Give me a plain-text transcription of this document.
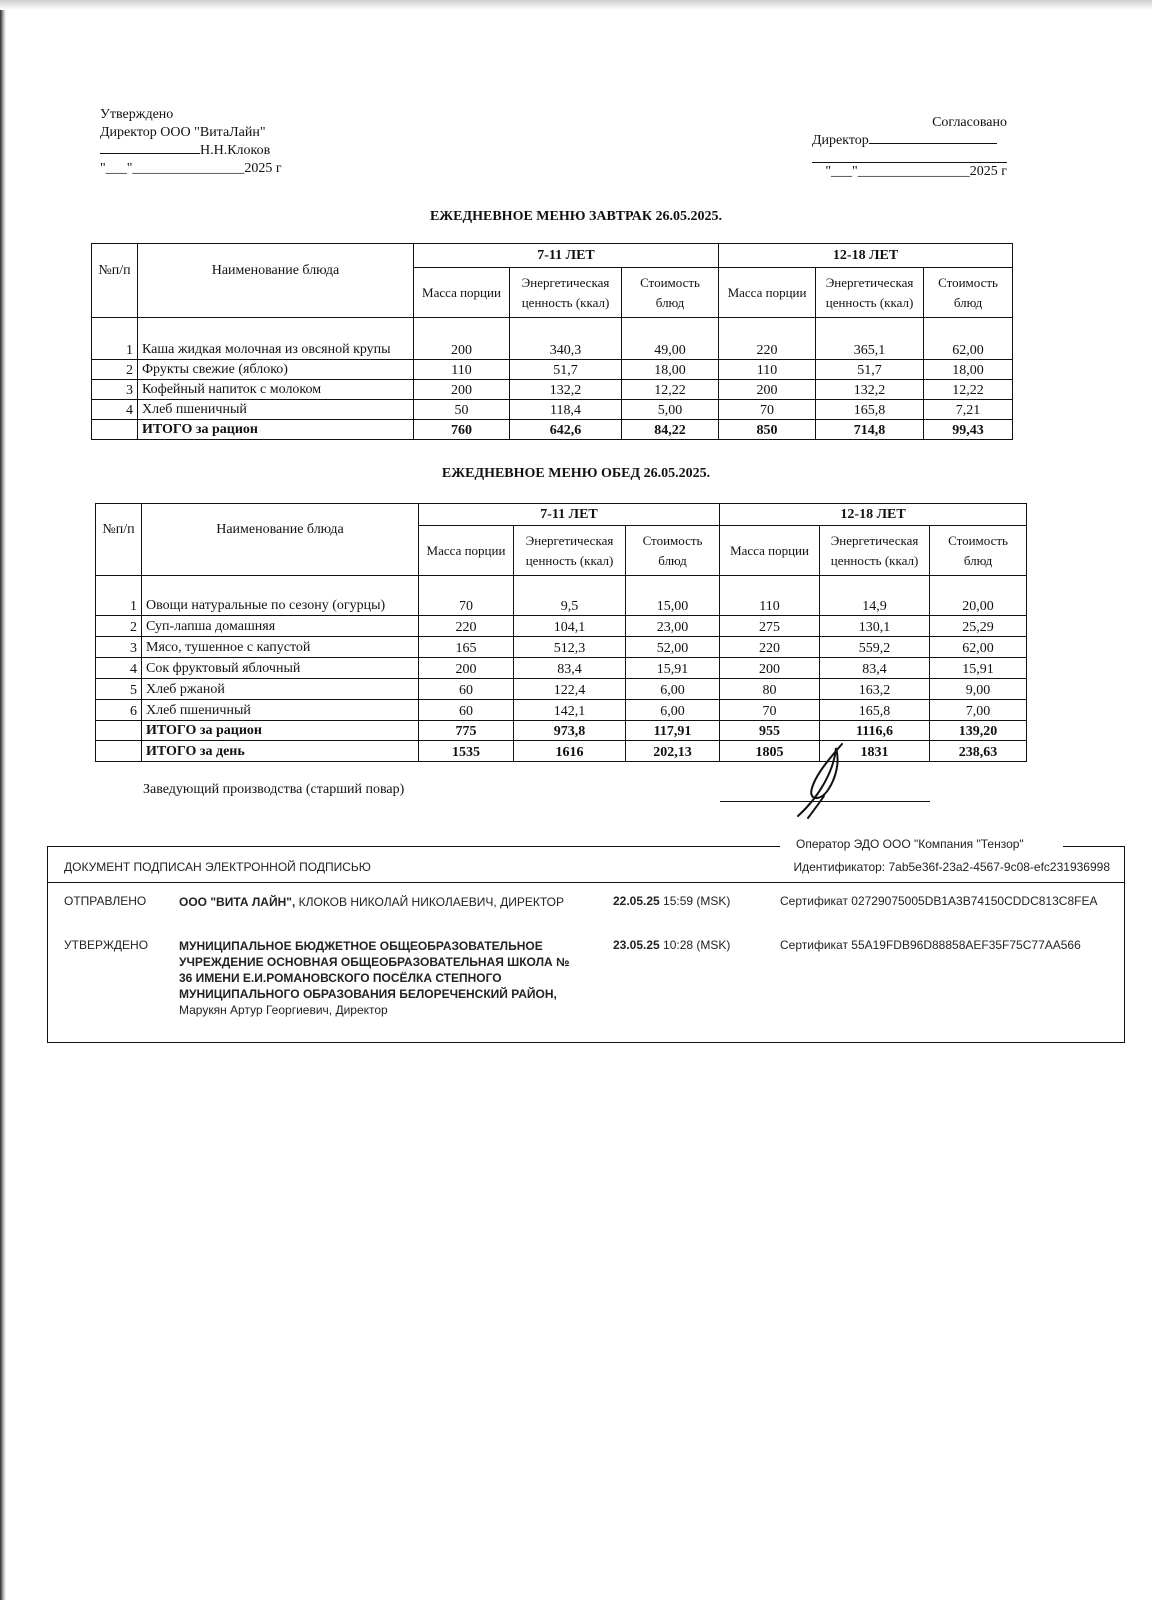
Утверждено
Директор ООО "ВитаЛайн"
Н.Н.Клоков
"___"________________2025 г
Согласовано
Директор
"___"________________2025 г
ЕЖЕДНЕВНОЕ МЕНЮ ЗАВТРАК 26.05.2025.
№п/п	Наименование блюда	7-11 ЛЕТ			12-18 ЛЕТ		
		Масса порции	Энергетическая ценность (ккал)	Стоимость блюд	Масса порции	Энергетическая ценность (ккал)	Стоимость блюд
1	Каша жидкая молочная из овсяной крупы	200	340,3	49,00	220	365,1	62,00
2	Фрукты свежие (яблоко)	110	51,7	18,00	110	51,7	18,00
3	Кофейный напиток с молоком	200	132,2	12,22	200	132,2	12,22
4	Хлеб пшеничный	50	118,4	5,00	70	165,8	7,21
	ИТОГО за рацион	760	642,6	84,22	850	714,8	99,43
ЕЖЕДНЕВНОЕ МЕНЮ ОБЕД 26.05.2025.
№п/п	Наименование блюда	7-11 ЛЕТ			12-18 ЛЕТ		
		Масса порции	Энергетическая ценность (ккал)	Стоимость блюд	Масса порции	Энергетическая ценность (ккал)	Стоимость блюд
1	Овощи натуральные по сезону (огурцы)	70	9,5	15,00	110	14,9	20,00
2	Суп-лапша домашняя	220	104,1	23,00	275	130,1	25,29
3	Мясо, тушенное с капустой	165	512,3	52,00	220	559,2	62,00
4	Сок фруктовый яблочный	200	83,4	15,91	200	83,4	15,91
5	Хлеб ржаной	60	122,4	6,00	80	163,2	9,00
6	Хлеб пшеничный	60	142,1	6,00	70	165,8	7,00
	ИТОГО за рацион	775	973,8	117,91	955	1116,6	139,20
	ИТОГО за день	1535	1616	202,13	1805	1831	238,63
Заведующий производства (старший повар)
Оператор ЭДО ООО "Компания "Тензор"
ДОКУМЕНТ ПОДПИСАН ЭЛЕКТРОННОЙ ПОДПИСЬЮ	Идентификатор: 7ab5e36f-23a2-4567-9c08-efc231936998
ОТПРАВЛЕНО	ООО "ВИТА ЛАЙН", КЛОКОВ НИКОЛАЙ НИКОЛАЕВИЧ, ДИРЕКТОР	22.05.25 15:59 (MSK)	Сертификат 02729075005DB1A3B74150CDDC813C8FEA
УТВЕРЖДЕНО	МУНИЦИПАЛЬНОЕ БЮДЖЕТНОЕ ОБЩЕОБРАЗОВАТЕЛЬНОЕ УЧРЕЖДЕНИЕ ОСНОВНАЯ ОБЩЕОБРАЗОВАТЕЛЬНАЯ ШКОЛА № 36 ИМЕНИ Е.И.РОМАНОВСКОГО ПОСЁЛКА СТЕПНОГО МУНИЦИПАЛЬНОГО ОБРАЗОВАНИЯ БЕЛОРЕЧЕНСКИЙ РАЙОН, Марукян Артур Георгиевич, Директор
23.05.25 10:28 (MSK)	Сертификат 55A19FDB96D88858AEF35F75C77AA566
